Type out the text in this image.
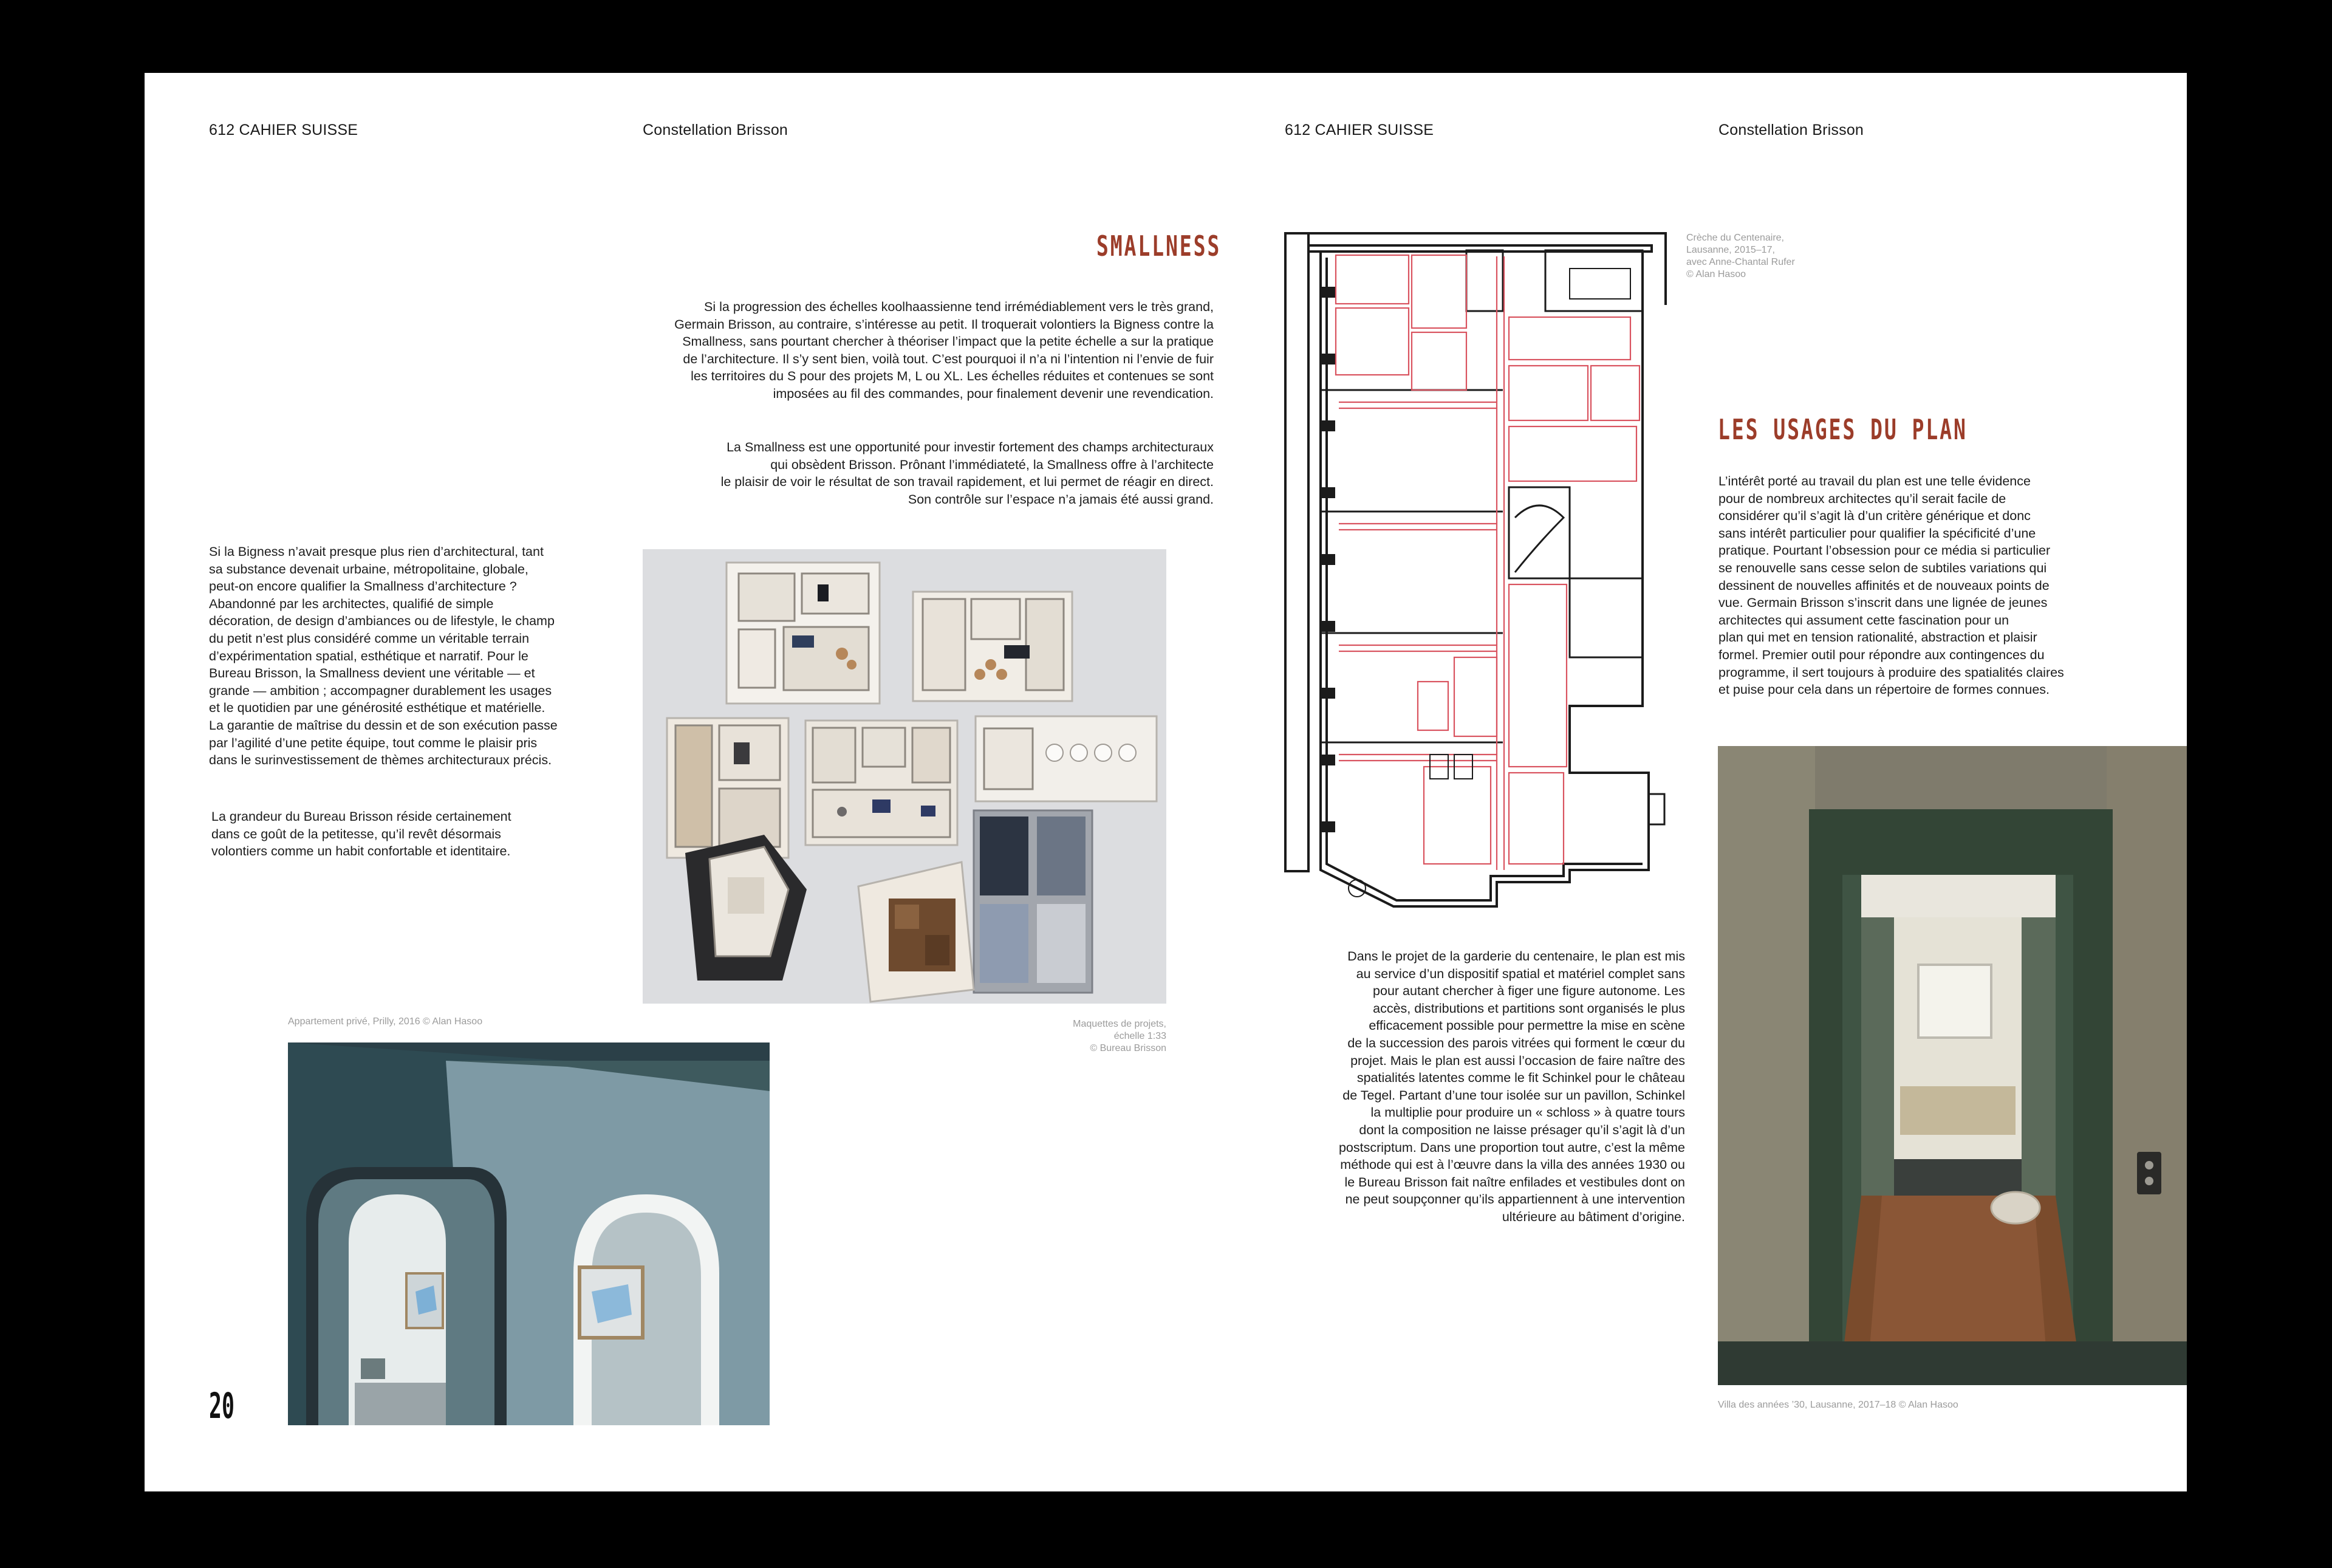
612 CAHIER SUISSE	Constellation Brisson
SMALLNESS
Si la progression des échelles koolhaassienne tend irrémédiablement vers le très grand,
Germain Brisson, au contraire, s’intéresse au petit. Il troquerait volontiers la Bigness contre la
Smallness, sans pourtant chercher à théoriser l’impact que la petite échelle a sur la pratique
de l’architecture. Il s’y sent bien, voilà tout. C’est pourquoi il n’a ni l’intention ni l’envie de fuir
les territoires du S pour des projets M, L ou XL. Les échelles réduites et contenues se sont
imposées au fil des commandes, pour finalement devenir une revendication.
La Smallness est une opportunité pour investir fortement des champs architecturaux
qui obsèdent Brisson. Prônant l’immédiateté, la Smallness offre à l’architecte
le plaisir de voir le résultat de son travail rapidement, et lui permet de réagir en direct.
Son contrôle sur l’espace n’a jamais été aussi grand.
Si la Bigness n’avait presque plus rien d’architectural, tant
sa substance devenait urbaine, métropolitaine, globale,
peut-on encore qualifier la Smallness d’architecture ?
Abandonné par les architectes, qualifié de simple
décoration, de design d’ambiances ou de lifestyle, le champ
du petit n’est plus considéré comme un véritable terrain
d’expérimentation spatial, esthétique et narratif. Pour le
Bureau Brisson, la Smallness devient une véritable — et
grande — ambition ; accompagner durablement les usages
et le quotidien par une générosité esthétique et matérielle.
La garantie de maîtrise du dessin et de son exécution passe
par l’agilité d’une petite équipe, tout comme le plaisir pris
dans le surinvestissement de thèmes architecturaux précis.
La grandeur du Bureau Brisson réside certainement
dans ce goût de la petitesse, qu’il revêt désormais
volontiers comme un habit confortable et identitaire.
Maquettes de projets,
échelle 1:33
© Bureau Brisson
Appartement privé, Prilly, 2016 © Alan Hasoo
20
612 CAHIER SUISSE	Constellation Brisson
Crèche du Centenaire,
Lausanne, 2015–17,
avec Anne-Chantal Rufer
© Alan Hasoo
LES USAGES DU PLAN
L’intérêt porté au travail du plan est une telle évidence
pour de nombreux architectes qu’il serait facile de
considérer qu’il s’agit là d’un critère générique et donc
sans intérêt particulier pour qualifier la spécificité d’une
pratique. Pourtant l’obsession pour ce média si particulier
se renouvelle sans cesse selon de subtiles variations qui
dessinent de nouvelles affinités et de nouveaux points de
vue. Germain Brisson s’inscrit dans une lignée de jeunes
architectes qui assument cette fascination pour un
plan qui met en tension rationalité, abstraction et plaisir
formel. Premier outil pour répondre aux contingences du
programme, il sert toujours à produire des spatialités claires
et puise pour cela dans un répertoire de formes connues.
Dans le projet de la garderie du centenaire, le plan est mis
au service d’un dispositif spatial et matériel complet sans
pour autant chercher à figer une figure autonome. Les
accès, distributions et partitions sont organisés le plus
efficacement possible pour permettre la mise en scène
de la succession des parois vitrées qui forment le cœur du
projet. Mais le plan est aussi l’occasion de faire naître des
spatialités latentes comme le fit Schinkel pour le château
de Tegel. Partant d’une tour isolée sur un pavillon, Schinkel
la multiplie pour produire un « schloss » à quatre tours
dont la composition ne laisse présager qu’il s’agit là d’un
postscriptum. Dans une proportion tout autre, c’est la même
méthode qui est à l’œuvre dans la villa des années 1930 ou
le Bureau Brisson fait naître enfilades et vestibules dont on
ne peut soupçonner qu’ils appartiennent à une intervention
ultérieure au bâtiment d’origine.
Villa des années ’30, Lausanne, 2017–18 © Alan Hasoo
